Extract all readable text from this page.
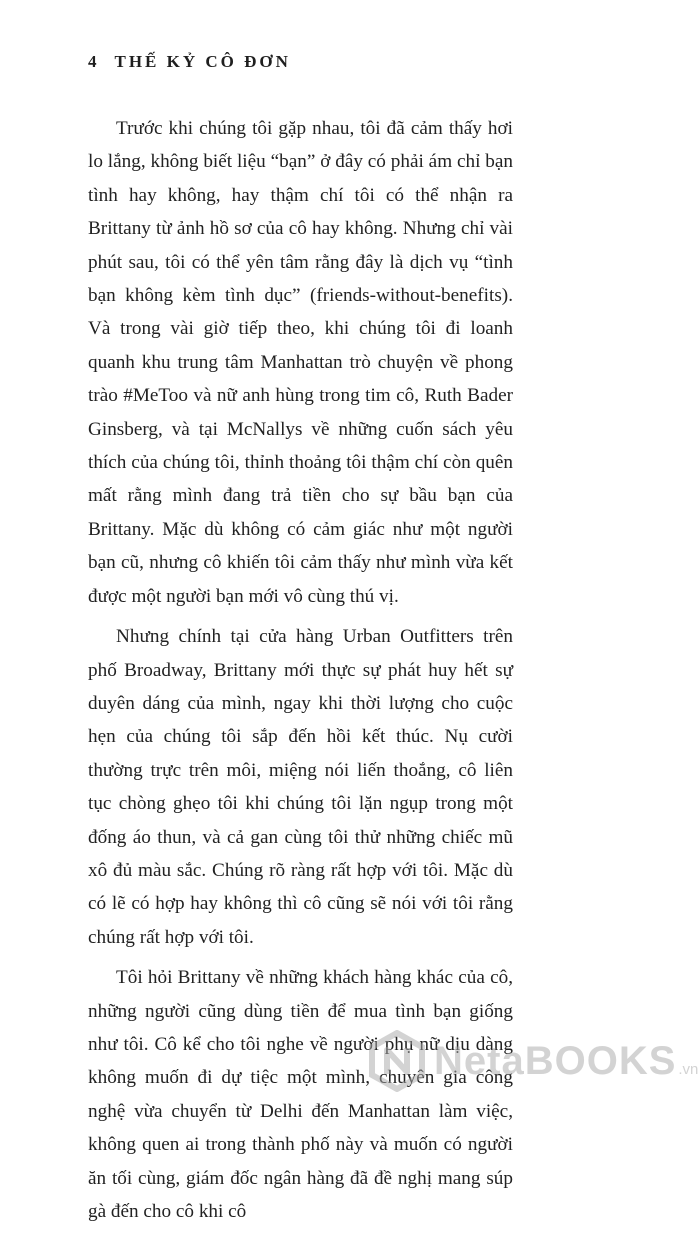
4 THẾ KỶ CÔ ĐƠN

Trước khi chúng tôi gặp nhau, tôi đã cảm thấy hơi lo lắng, không biết liệu “bạn” ở đây có phải ám chỉ bạn tình hay không, hay thậm chí tôi có thể nhận ra Brittany từ ảnh hồ sơ của cô hay không. Nhưng chỉ vài phút sau, tôi có thể yên tâm rằng đây là dịch vụ “tình bạn không kèm tình dục” (friends-without-benefits). Và trong vài giờ tiếp theo, khi chúng tôi đi loanh quanh khu trung tâm Manhattan trò chuyện về phong trào #MeToo và nữ anh hùng trong tim cô, Ruth Bader Ginsberg, và tại McNallys về những cuốn sách yêu thích của chúng tôi, thỉnh thoảng tôi thậm chí còn quên mất rằng mình đang trả tiền cho sự bầu bạn của Brittany. Mặc dù không có cảm giác như một người bạn cũ, nhưng cô khiến tôi cảm thấy như mình vừa kết được một người bạn mới vô cùng thú vị.

Nhưng chính tại cửa hàng Urban Outfitters trên phố Broadway, Brittany mới thực sự phát huy hết sự duyên dáng của mình, ngay khi thời lượng cho cuộc hẹn của chúng tôi sắp đến hồi kết thúc. Nụ cười thường trực trên môi, miệng nói liến thoắng, cô liên tục chòng ghẹo tôi khi chúng tôi lặn ngụp trong một đống áo thun, và cả gan cùng tôi thử những chiếc mũ xô đủ màu sắc. Chúng rõ ràng rất hợp với tôi. Mặc dù có lẽ có hợp hay không thì cô cũng sẽ nói với tôi rằng chúng rất hợp với tôi.

Tôi hỏi Brittany về những khách hàng khác của cô, những người cũng dùng tiền để mua tình bạn giống như tôi. Cô kể cho tôi nghe về người phụ nữ dịu dàng không muốn đi dự tiệc một mình, chuyên gia công nghệ vừa chuyển từ Delhi đến Manhattan làm việc, không quen ai trong thành phố này và muốn có người ăn tối cùng, giám đốc ngân hàng đã đề nghị mang súp gà đến cho cô khi cô

NetaBOOKS .vn
